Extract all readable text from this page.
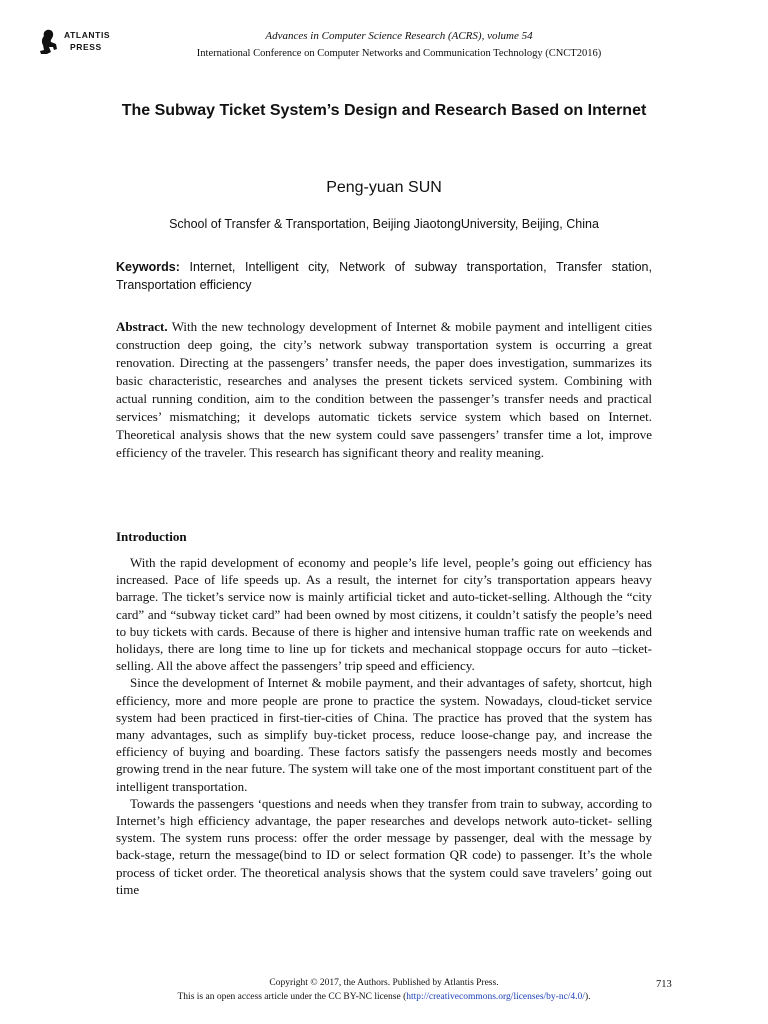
ATLANTIS
PRESS
Advances in Computer Science Research (ACRS), volume 54
International Conference on Computer Networks and Communication Technology (CNCT2016)
The Subway Ticket System’s Design and Research Based on Internet
Peng-yuan SUN
School of Transfer & Transportation, Beijing JiaotongUniversity, Beijing, China
Keywords: Internet, Intelligent city, Network of subway transportation, Transfer station, Transportation efficiency
Abstract. With the new technology development of Internet & mobile payment and intelligent cities construction deep going, the city’s network subway transportation system is occurring a great renovation. Directing at the passengers’ transfer needs, the paper does investigation, summarizes its basic characteristic, researches and analyses the present tickets serviced system. Combining with actual running condition, aim to the condition between the passenger’s transfer needs and practical services’ mismatching; it develops automatic tickets service system which based on Internet. Theoretical analysis shows that the new system could save passengers’ transfer time a lot, improve efficiency of the traveler. This research has significant theory and reality meaning.
Introduction

With the rapid development of economy and people’s life level, people’s going out efficiency has increased. Pace of life speeds up. As a result, the internet for city’s transportation appears heavy barrage. The ticket’s service now is mainly artificial ticket and auto-ticket-selling. Although the “city card” and “subway ticket card” had been owned by most citizens, it couldn’t satisfy the people’s need to buy tickets with cards. Because of there is higher and intensive human traffic rate on weekends and holidays, there are long time to line up for tickets and mechanical stoppage occurs for auto –ticket-selling. All the above affect the passengers’ trip speed and efficiency.

Since the development of Internet & mobile payment, and their advantages of safety, shortcut, high efficiency, more and more people are prone to practice the system. Nowadays, cloud-ticket service system had been practiced in first-tier-cities of China. The practice has proved that the system has many advantages, such as simplify buy-ticket process, reduce loose-change pay, and increase the efficiency of buying and boarding. These factors satisfy the passengers needs mostly and becomes growing trend in the near future. The system will take one of the most important constituent part of the intelligent transportation.

Towards the passengers ‘questions and needs when they transfer from train to subway, according to Internet’s high efficiency advantage, the paper researches and develops network auto-ticket- selling system. The system runs process: offer the order message by passenger, deal with the message by back-stage, return the message(bind to ID or select formation QR code) to passenger. It’s the whole process of ticket order. The theoretical analysis shows that the system could save travelers’ going out time

Copyright © 2017, the Authors. Published by Atlantis Press.
This is an open access article under the CC BY-NC license (http://creativecommons.org/licenses/by-nc/4.0/).
713
